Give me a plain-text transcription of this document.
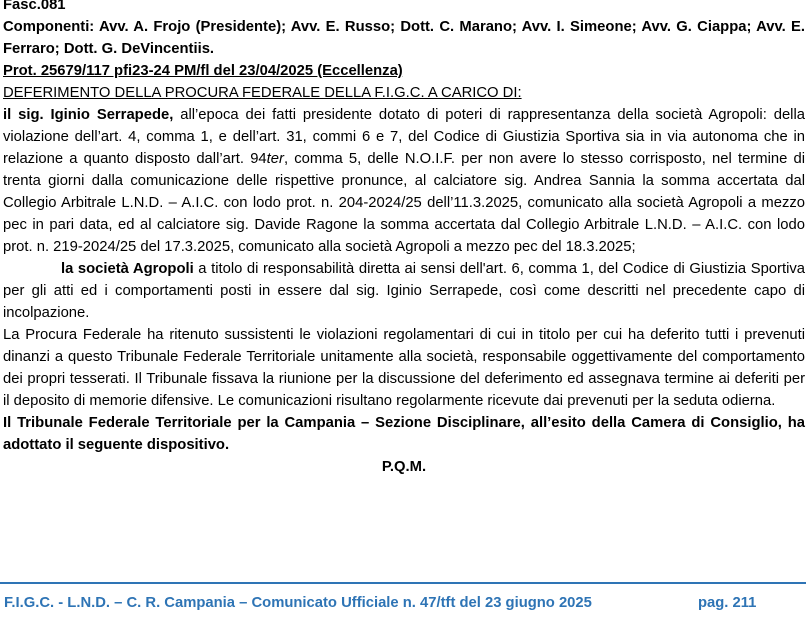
Fasc.081

Componenti: Avv. A. Frojo (Presidente); Avv. E. Russo; Dott. C. Marano; Avv. I. Simeone; Avv. G. Ciappa; Avv. E. Ferraro; Dott. G. DeVincentiis.

Prot. 25679/117 pfi23-24 PM/fl del 23/04/2025 (Eccellenza)

DEFERIMENTO DELLA PROCURA FEDERALE DELLA F.I.G.C. A CARICO DI:

il sig. Iginio Serrapede, all’epoca dei fatti presidente dotato di poteri di rappresentanza della società Agropoli: della violazione dell’art. 4, comma 1, e dell’art. 31, commi 6 e 7, del Codice di Giustizia Sportiva sia in via autonoma che in relazione a quanto disposto dall’art. 94ter, comma 5, delle N.O.I.F. per non avere lo stesso corrisposto, nel termine di trenta giorni dalla comunicazione delle rispettive pronunce, al calciatore sig. Andrea Sannia la somma accertata dal Collegio Arbitrale L.N.D. – A.I.C. con lodo prot. n. 204-2024/25 dell’11.3.2025, comunicato alla società Agropoli a mezzo pec in pari data, ed al calciatore sig. Davide Ragone la somma accertata dal Collegio Arbitrale L.N.D. – A.I.C. con lodo prot. n. 219-2024/25 del 17.3.2025, comunicato alla società Agropoli a mezzo pec del 18.3.2025;

la società Agropoli a titolo di responsabilità diretta ai sensi dell'art. 6, comma 1, del Codice di Giustizia Sportiva per gli atti ed i comportamenti posti in essere dal sig. Iginio Serrapede, così come descritti nel precedente capo di incolpazione.

La Procura Federale ha ritenuto sussistenti le violazioni regolamentari di cui in titolo per cui ha deferito tutti i prevenuti dinanzi a questo Tribunale Federale Territoriale unitamente alla società, responsabile oggettivamente del comportamento dei propri tesserati. Il Tribunale fissava la riunione per la discussione del deferimento ed assegnava termine ai deferiti per il deposito di memorie difensive. Le comunicazioni risultano regolarmente ricevute dai prevenuti per la seduta odierna.

Il Tribunale Federale Territoriale per la Campania – Sezione Disciplinare, all’esito della Camera di Consiglio, ha adottato il seguente dispositivo.

P.Q.M.

F.I.G.C. - L.N.D. – C. R. Campania – Comunicato Ufficiale n. 47/tft del 23 giugno 2025	pag. 211
